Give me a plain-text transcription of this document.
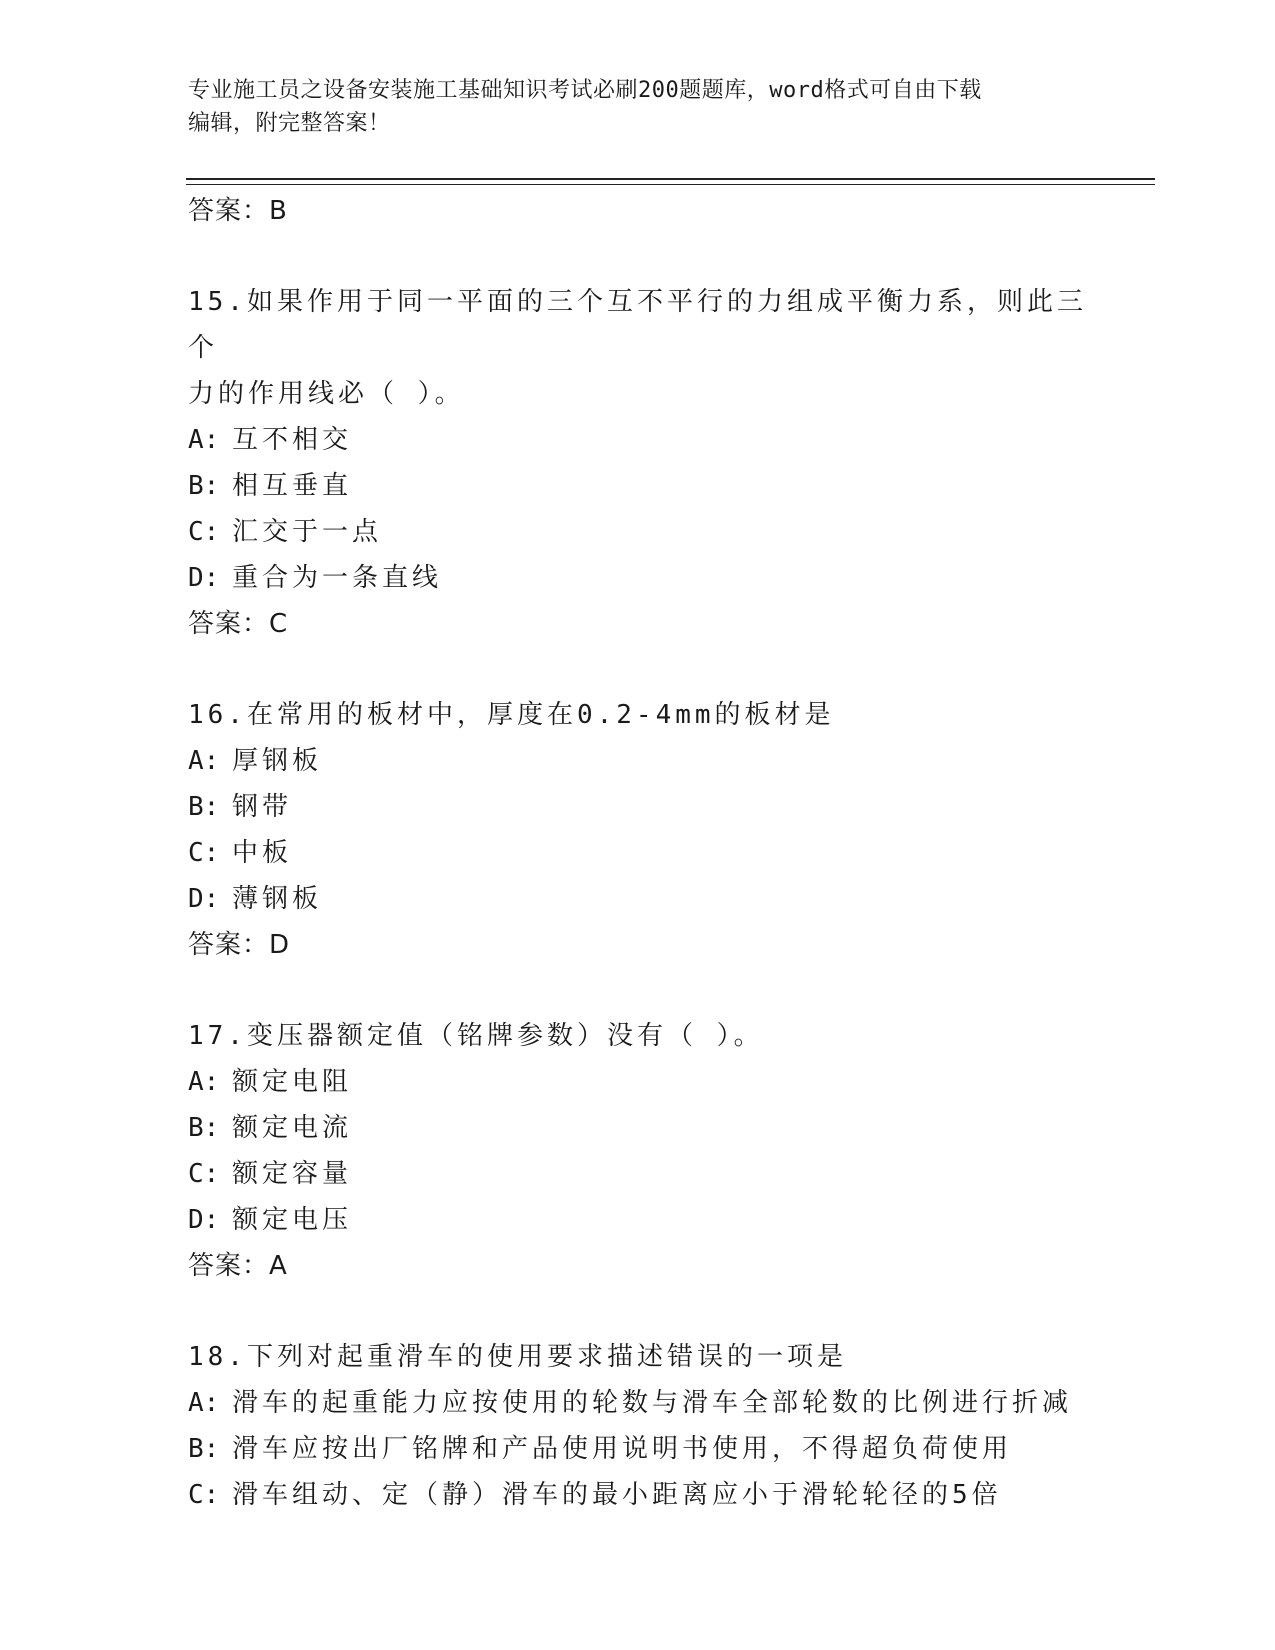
专业施工员之设备安装施工基础知识考试必刷200题题库，word格式可自由下载
编辑，附完整答案！
答案：B
15.如果作用于同一平面的三个互不平行的力组成平衡力系，则此三个
力的作用线必（ ）。
A: 互不相交
B: 相互垂直
C: 汇交于一点
D: 重合为一条直线
答案：C
16.在常用的板材中，厚度在0.2-4mm的板材是
A: 厚钢板
B: 钢带
C: 中板
D: 薄钢板
答案：D
17.变压器额定值（铭牌参数）没有（ ）。
A: 额定电阻
B: 额定电流
C: 额定容量
D: 额定电压
答案：A
18.下列对起重滑车的使用要求描述错误的一项是
A: 滑车的起重能力应按使用的轮数与滑车全部轮数的比例进行折减
B: 滑车应按出厂铭牌和产品使用说明书使用，不得超负荷使用
C: 滑车组动、定（静）滑车的最小距离应小于滑轮轮径的5倍
